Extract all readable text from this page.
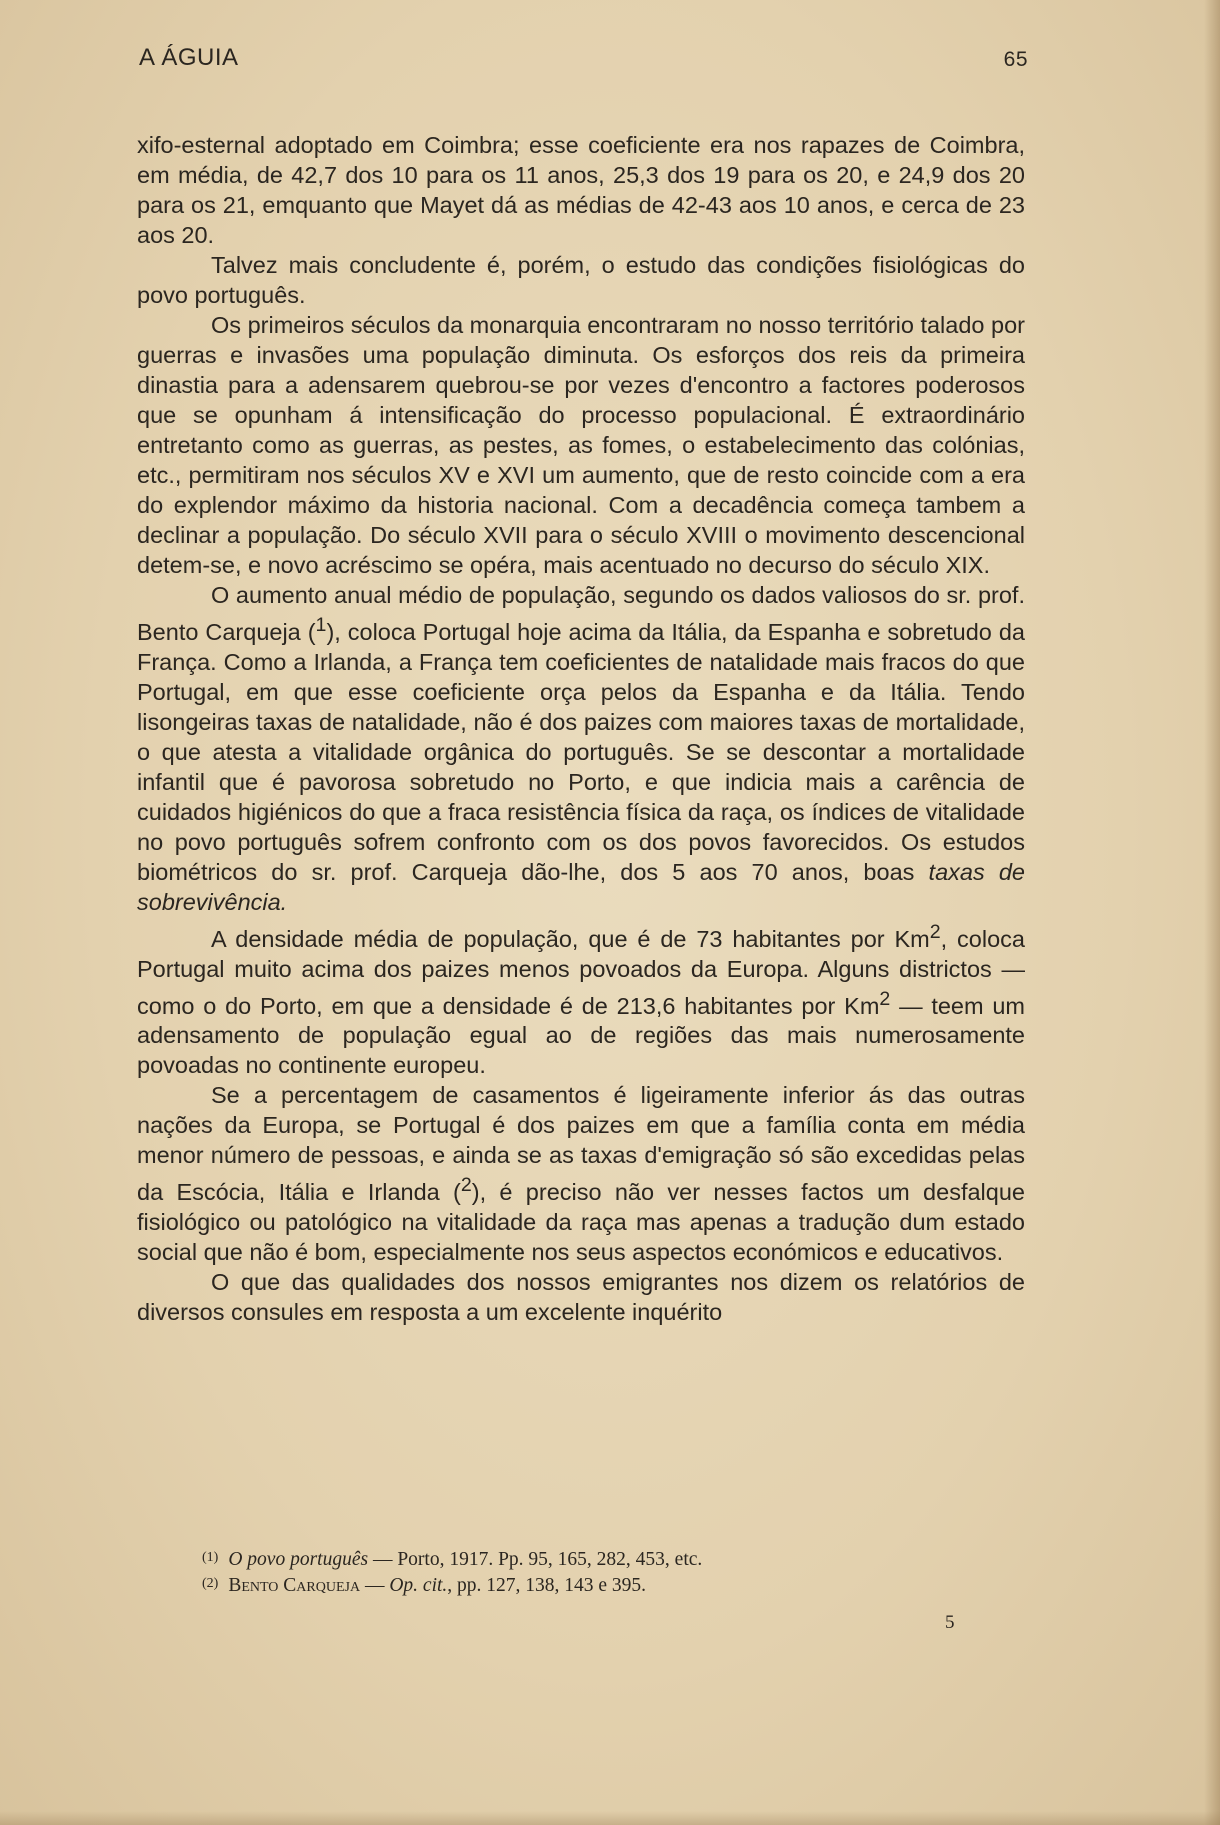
A ÁGUIA	65

xifo-esternal adoptado em Coimbra; esse coeficiente era nos rapazes de Coimbra, em média, de 42,7 dos 10 para os 11 anos, 25,3 dos 19 para os 20, e 24,9 dos 20 para os 21, emquanto que Mayet dá as médias de 42-43 aos 10 anos, e cerca de 23 aos 20.

Talvez mais concludente é, porém, o estudo das condições fisiológicas do povo português.

Os primeiros séculos da monarquia encontraram no nosso território talado por guerras e invasões uma população diminuta. Os esforços dos reis da primeira dinastia para a adensarem quebrou-se por vezes d'encontro a factores poderosos que se opunham á intensificação do processo populacional. É extraordinário entretanto como as guerras, as pestes, as fomes, o estabelecimento das colónias, etc., permitiram nos séculos XV e XVI um aumento, que de resto coincide com a era do explendor máximo da historia nacional. Com a decadência começa tambem a declinar a população. Do século XVII para o século XVIII o movimento descencional detem-se, e novo acréscimo se opéra, mais acentuado no decurso do século XIX.

O aumento anual médio de população, segundo os dados valiosos do sr. prof. Bento Carqueja ($^1$), coloca Portugal hoje acima da Itália, da Espanha e sobretudo da França. Como a Irlanda, a França tem coeficientes de natalidade mais fracos do que Portugal, em que esse coeficiente orça pelos da Espanha e da Itália. Tendo lisongeiras taxas de natalidade, não é dos paizes com maiores taxas de mortalidade, o que atesta a vitalidade orgânica do português. Se se descontar a mortalidade infantil que é pavorosa sobretudo no Porto, e que indicia mais a carência de cuidados higiénicos do que a fraca resistência física da raça, os índices de vitalidade no povo português sofrem confronto com os dos povos favorecidos. Os estudos biométricos do sr. prof. Carqueja dão-lhe, dos 5 aos 70 anos, boas taxas de sobrevivência.

A densidade média de população, que é de 73 habitantes por Km$^2$, coloca Portugal muito acima dos paizes menos povoados da Europa. Alguns districtos — como o do Porto, em que a densidade é de 213,6 habitantes por Km$^2$ — teem um adensamento de população egual ao de regiões das mais numerosamente povoadas no continente europeu.

Se a percentagem de casamentos é ligeiramente inferior ás das outras nações da Europa, se Portugal é dos paizes em que a família conta em média menor número de pessoas, e ainda se as taxas d'emigração só são excedidas pelas da Escócia, Itália e Irlanda ($^2$), é preciso não ver nesses factos um desfalque fisiológico ou patológico na vitalidade da raça mas apenas a tradução dum estado social que não é bom, especialmente nos seus aspectos económicos e educativos.

O que das qualidades dos nossos emigrantes nos dizem os relatórios de diversos consules em resposta a um excelente inquérito

$^{(1)}$ O povo português — Porto, 1917. Pp. 95, 165, 282, 453, etc.
$^{(2)}$ Bento Carqueja — Op. cit., pp. 127, 138, 143 e 395.
5
